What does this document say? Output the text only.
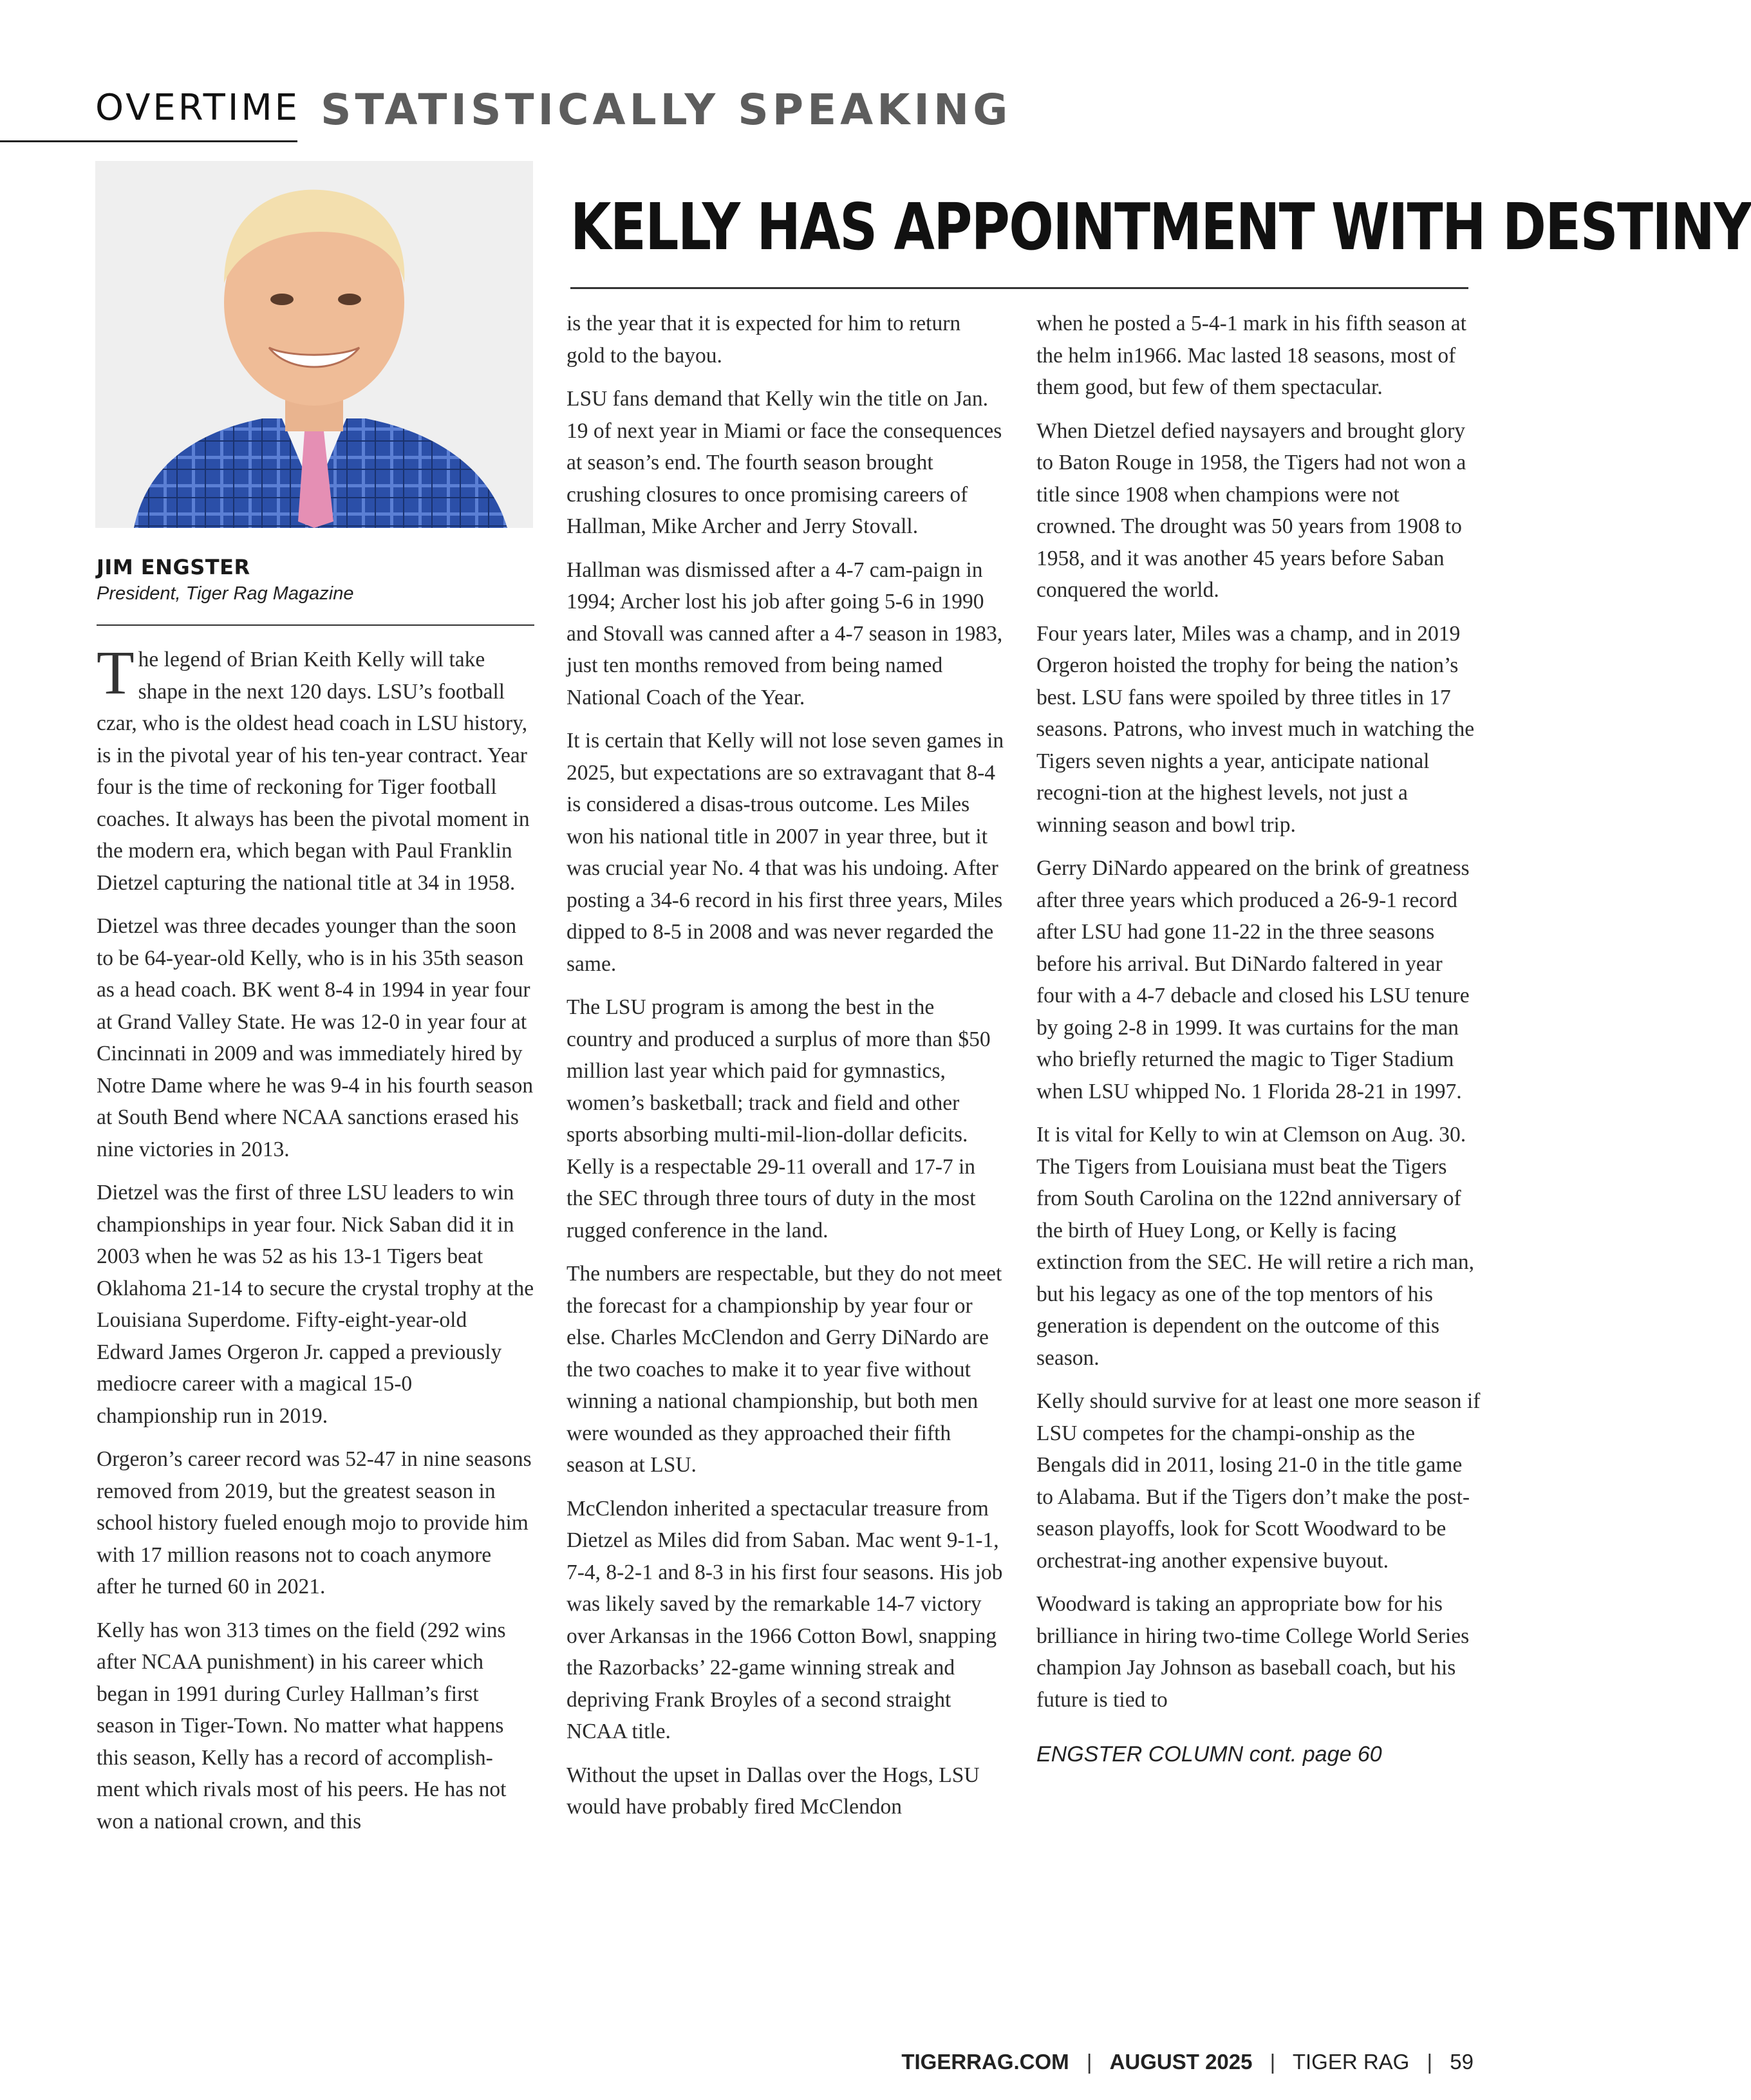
OVERTIME STATISTICALLY SPEAKING
KELLY HAS APPOINTMENT WITH DESTINY
JIM ENGSTER
President, Tiger Rag Magazine

The legend of Brian Keith Kelly will take shape in the next 120 days. LSU’s football czar, who is the oldest head coach in LSU history, is in the pivotal year of his ten-year contract. Year four is the time of reckoning for Tiger football coaches. It always has been the pivotal moment in the modern era, which began with Paul Franklin Dietzel capturing the national title at 34 in 1958.

Dietzel was three decades younger than the soon to be 64-year-old Kelly, who is in his 35th season as a head coach. BK went 8-4 in 1994 in year four at Grand Valley State. He was 12-0 in year four at Cincinnati in 2009 and was immediately hired by Notre Dame where he was 9-4 in his fourth season at South Bend where NCAA sanctions erased his nine victories in 2013.

Dietzel was the first of three LSU leaders to win championships in year four. Nick Saban did it in 2003 when he was 52 as his 13-1 Tigers beat Oklahoma 21-14 to secure the crystal trophy at the Louisiana Superdome. Fifty-eight-year-old Edward James Orgeron Jr. capped a previously mediocre career with a magical 15-0 championship run in 2019.

Orgeron’s career record was 52-47 in nine seasons removed from 2019, but the greatest season in school history fueled enough mojo to provide him with 17 million reasons not to coach anymore after he turned 60 in 2021.

Kelly has won 313 times on the field (292 wins after NCAA punishment) in his career which began in 1991 during Curley Hallman’s first season in Tiger-Town. No matter what happens this season, Kelly has a record of accomplish-ment which rivals most of his peers. He has not won a national crown, and this

is the year that it is expected for him to return gold to the bayou.

LSU fans demand that Kelly win the title on Jan. 19 of next year in Miami or face the consequences at season’s end. The fourth season brought crushing closures to once promising careers of Hallman, Mike Archer and Jerry Stovall.

Hallman was dismissed after a 4-7 cam-paign in 1994; Archer lost his job after going 5-6 in 1990 and Stovall was canned after a 4-7 season in 1983, just ten months removed from being named National Coach of the Year.

It is certain that Kelly will not lose seven games in 2025, but expectations are so extravagant that 8-4 is considered a disas-trous outcome. Les Miles won his national title in 2007 in year three, but it was crucial year No. 4 that was his undoing. After posting a 34-6 record in his first three years, Miles dipped to 8-5 in 2008 and was never regarded the same.

The LSU program is among the best in the country and produced a surplus of more than $50 million last year which paid for gymnastics, women’s basketball; track and field and other sports absorbing multi-mil-lion-dollar deficits. Kelly is a respectable 29-11 overall and 17-7 in the SEC through three tours of duty in the most rugged conference in the land.

The numbers are respectable, but they do not meet the forecast for a championship by year four or else. Charles McClendon and Gerry DiNardo are the two coaches to make it to year five without winning a national championship, but both men were wounded as they approached their fifth season at LSU.

McClendon inherited a spectacular treasure from Dietzel as Miles did from Saban. Mac went 9-1-1, 7-4, 8-2-1 and 8-3 in his first four seasons. His job was likely saved by the remarkable 14-7 victory over Arkansas in the 1966 Cotton Bowl, snapping the Razorbacks’ 22-game winning streak and depriving Frank Broyles of a second straight NCAA title.

Without the upset in Dallas over the Hogs, LSU would have probably fired McClendon

when he posted a 5-4-1 mark in his fifth season at the helm in1966. Mac lasted 18 seasons, most of them good, but few of them spectacular.

When Dietzel defied naysayers and brought glory to Baton Rouge in 1958, the Tigers had not won a title since 1908 when champions were not crowned. The drought was 50 years from 1908 to 1958, and it was another 45 years before Saban conquered the world.

Four years later, Miles was a champ, and in 2019 Orgeron hoisted the trophy for being the nation’s best. LSU fans were spoiled by three titles in 17 seasons. Patrons, who invest much in watching the Tigers seven nights a year, anticipate national recogni-tion at the highest levels, not just a winning season and bowl trip.

Gerry DiNardo appeared on the brink of greatness after three years which produced a 26-9-1 record after LSU had gone 11-22 in the three seasons before his arrival. But DiNardo faltered in year four with a 4-7 debacle and closed his LSU tenure by going 2-8 in 1999. It was curtains for the man who briefly returned the magic to Tiger Stadium when LSU whipped No. 1 Florida 28-21 in 1997.

It is vital for Kelly to win at Clemson on Aug. 30. The Tigers from Louisiana must beat the Tigers from South Carolina on the 122nd anniversary of the birth of Huey Long, or Kelly is facing extinction from the SEC. He will retire a rich man, but his legacy as one of the top mentors of his generation is dependent on the outcome of this season.

Kelly should survive for at least one more season if LSU competes for the champi-onship as the Bengals did in 2011, losing 21-0 in the title game to Alabama. But if the Tigers don’t make the post-season playoffs, look for Scott Woodward to be orchestrat-ing another expensive buyout.

Woodward is taking an appropriate bow for his brilliance in hiring two-time College World Series champion Jay Johnson as baseball coach, but his future is tied to

ENGSTER COLUMN cont. page 60
TIGERRAG.COM | AUGUST 2025 | TIGER RAG | 59
